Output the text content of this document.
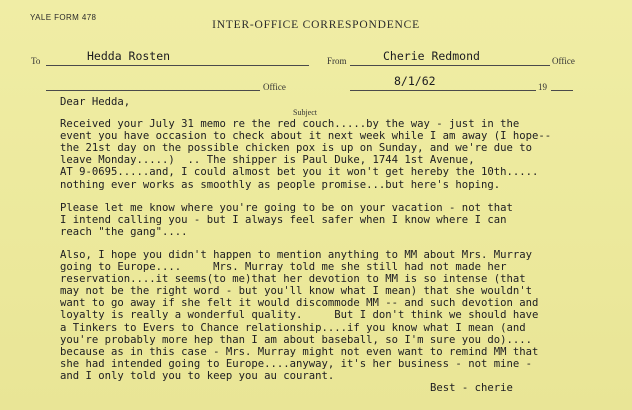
YALE FORM 478
INTER-OFFICE CORRESPONDENCE
To	Hedda Rosten	From	Cherie Redmond	Office
Office	8/1/62	19
Subject
Dear Hedda,
Received your July 31 memo re the red couch.....by the way - just in the
event you have occasion to check about it next week while I am away (I hope--
the 21st day on the possible chicken pox is up on Sunday, and we're due to
leave Monday.....)  .. The shipper is Paul Duke, 1744 1st Avenue,
AT 9-0695.....and, I could almost bet you it won't get hereby the 10th.....
nothing ever works as smoothly as people promise...but here's hoping.
Please let me know where you're going to be on your vacation - not that
I intend calling you - but I always feel safer when I know where I can
reach "the gang"....
Also, I hope you didn't happen to mention anything to MM about Mrs. Murray
going to Europe....     Mrs. Murray told me she still had not made her
reservation....it seems(to me)that her devotion to MM is so intense (that
may not be the right word - but you'll know what I mean) that she wouldn't
want to go away if she felt it would discommode MM -- and such devotion and
loyalty is really a wonderful quality.     But I don't think we should have
a Tinkers to Evers to Chance relationship....if you know what I mean (and
you're probably more hep than I am about baseball, so I'm sure you do)....
because as in this case - Mrs. Murray might not even want to remind MM that
she had intended going to Europe....anyway, it's her business - not mine -
and I only told you to keep you au courant.
Best - cherie
